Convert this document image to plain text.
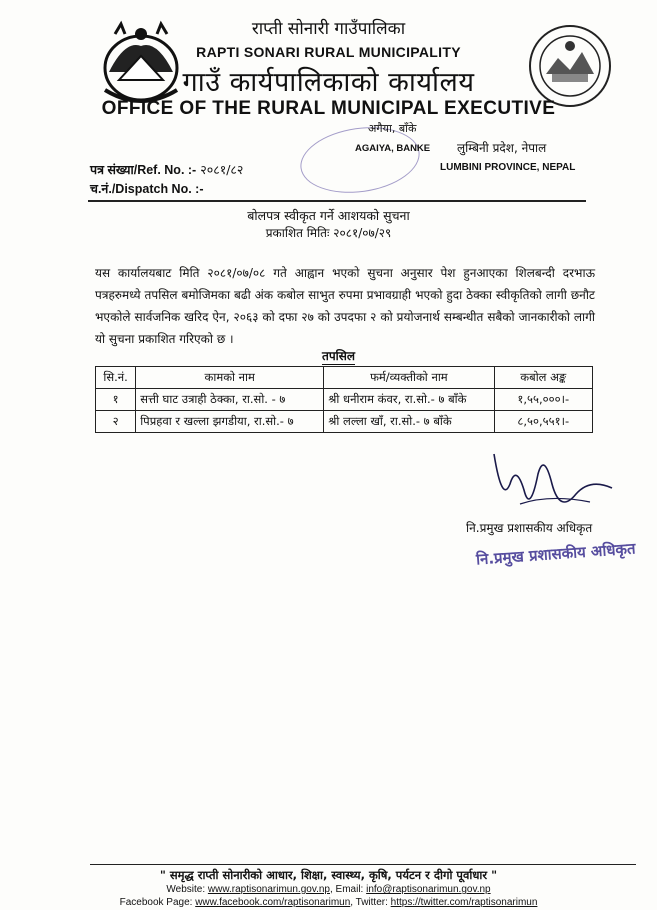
राप्ती सोनारी गाउँपालिका
RAPTI SONARI RURAL MUNICIPALITY
गाउँ कार्यपालिकाको कार्यालय
OFFICE OF THE RURAL MUNICIPAL EXECUTIVE
अगैया, बाँके
AGAIYA, BANKE लुम्बिनी प्रदेश, नेपाल
LUMBINI PROVINCE, NEPAL
पत्र संख्या/Ref. No. :- २०८१/८२
च.नं./Dispatch No. :-
बोलपत्र स्वीकृत गर्ने आशयको सुचना
प्रकाशित मितिः २०८१/०७/२९
यस कार्यालयबाट मिति २०८१/०७/०८ गते आह्वान भएको सुचना अनुसार पेश हुनआएका शिलबन्दी दरभाऊ पत्रहरुमध्ये तपसिल बमोजिमका बढी अंक कबोल साभुत रुपमा प्रभावग्राही भएको हुदा ठेक्का स्वीकृतिको लागी छनौट भएकोले सार्वजनिक खरिद ऐन, २०६३ को दफा २७ को उपदफा २ को प्रयोजनार्थ सम्बन्धीत सबैको जानकारीको लागी यो सुचना प्रकाशित गरिएको छ ।
तपसिल
सि.नं.	कामको नाम	फर्म/व्यक्तीको नाम	कबोल अङ्क
१	सत्ती घाट उत्राही ठेक्का, रा.सो. - ७	श्री धनीराम कंवर, रा.सो.- ७ बाँके	१,५५,०००।-
२	पिप्रहवा र खल्ला झगडीया, रा.सो.- ७	श्री लल्ला खाँ, रा.सो.- ७ बाँके	८,५०,५५१।-
नि.प्रमुख प्रशासकीय अधिकृत
नि.प्रमुख प्रशासकीय अधिकृत
" समृद्ध राप्ती सोनारीको आधार, शिक्षा, स्वास्थ्य, कृषि, पर्यटन र दीगो पूर्वाधार "
Website: www.raptisonarimun.gov.np, Email: info@raptisonarimun.gov.np
Facebook Page: www.facebook.com/raptisonarimun, Twitter: https://twitter.com/raptisonarimun
